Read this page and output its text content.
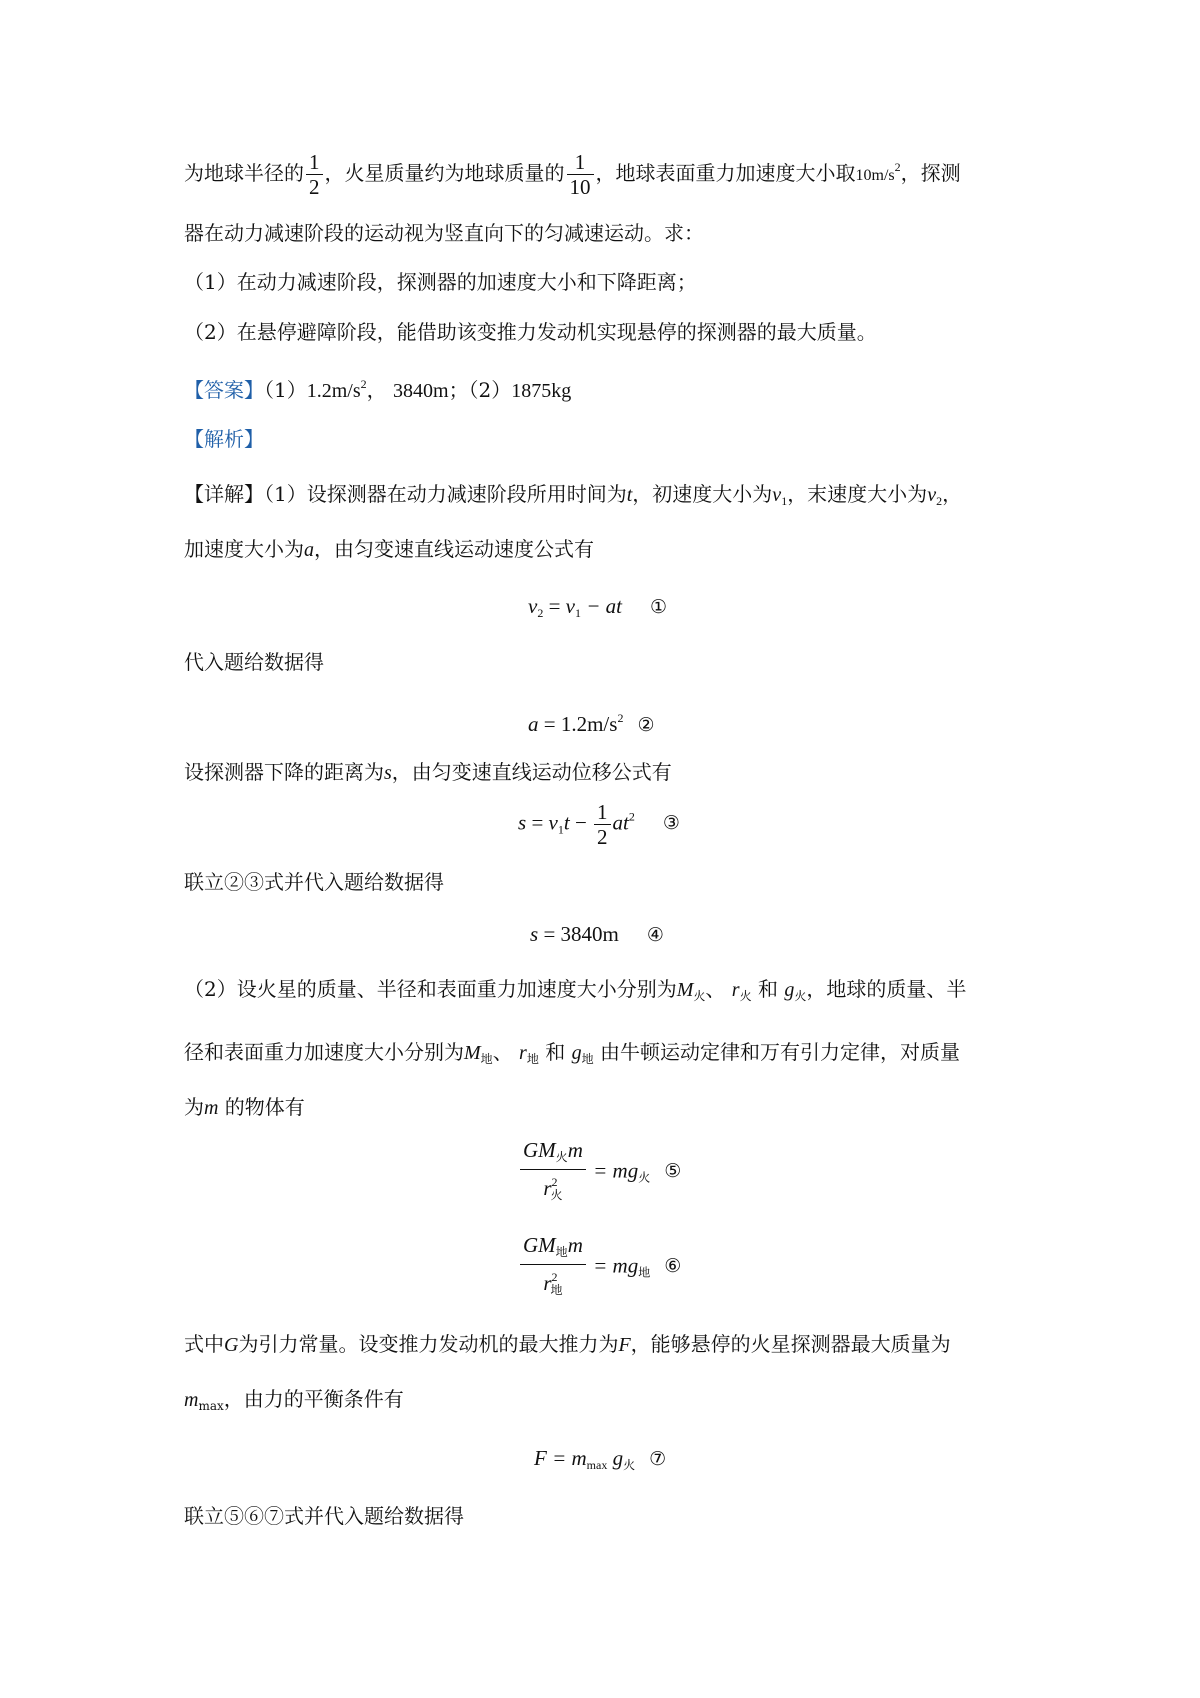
为地球半径的 $\frac{1}{2}$ ，火星质量约为地球质量的 $\frac{1}{10}$ ，地球表面重力加速度大小取$10m/s^2$，探测
器在动力减速阶段的运动视为竖直向下的匀减速运动。求：
（1）在动力减速阶段，探测器的加速度大小和下降距离；
（2）在悬停避障阶段，能借助该变推力发动机实现悬停的探测器的最大质量。
【答案】$(1)1.2m/s^2$， 3840m；（2）1875kg
【解析】
【详解】（1）设探测器在动力减速阶段所用时间为t，初速度大小为$v_1$，末速度大小为$v_2$，
加速度大小为a，由匀变速直线运动速度公式有
$v_2 = v_1$ − at ①
代入题给数据得
$a = 1.2m/s^2$ ②
设探测器下降的距离为s，由匀变速直线运动位移公式有
$s = v_1t - \frac{1}{2} at^2$ ③
联立②③式并代入题给数据得
s = 3840m ④
（2）设火星的质量、半径和表面重力加速度大小分别为$M_火$、 $r_火$ 和 $g_火$，地球的质量、半
径和表面重力加速度大小分别为$M_地$、 $r_地$ 和 $g_地$ 由牛顿运动定律和万有引力定律，对质量
为m 的物体有
$\frac{GM_火m}{r^2_火} = mg_火$ ⑤
$\frac{GM_地m}{r^2_地} = mg_地$ ⑥
式中G为引力常量。设变推力发动机的最大推力为F，能够悬停的火星探测器最大质量为
$m_{max}$，由力的平衡条件有
$F = m_{max}$ $g_火$ ⑦
联立⑤⑥⑦式并代入题给数据得
